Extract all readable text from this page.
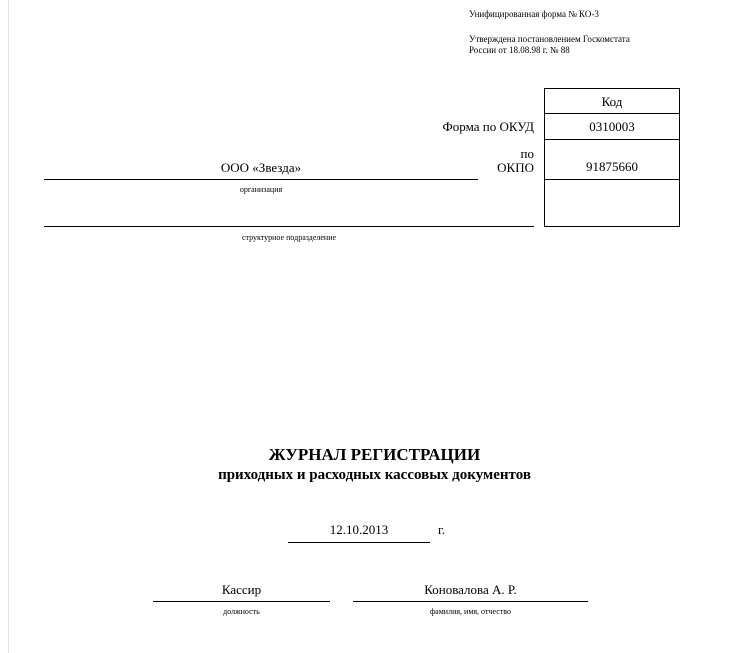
Унифицированная форма № КО-3
Утверждена постановлением Госкомстата
России от 18.08.98 г. № 88
Код
0310003
91875660
Форма по ОКУД
по
ОКПО
ООО «Звезда»
организация
структурное подразделение
ЖУРНАЛ РЕГИСТРАЦИИ
приходных и расходных кассовых документов
12.10.2013	г.
Кассир
должность
Коновалова А. Р.
фамилия, имя, отчество
